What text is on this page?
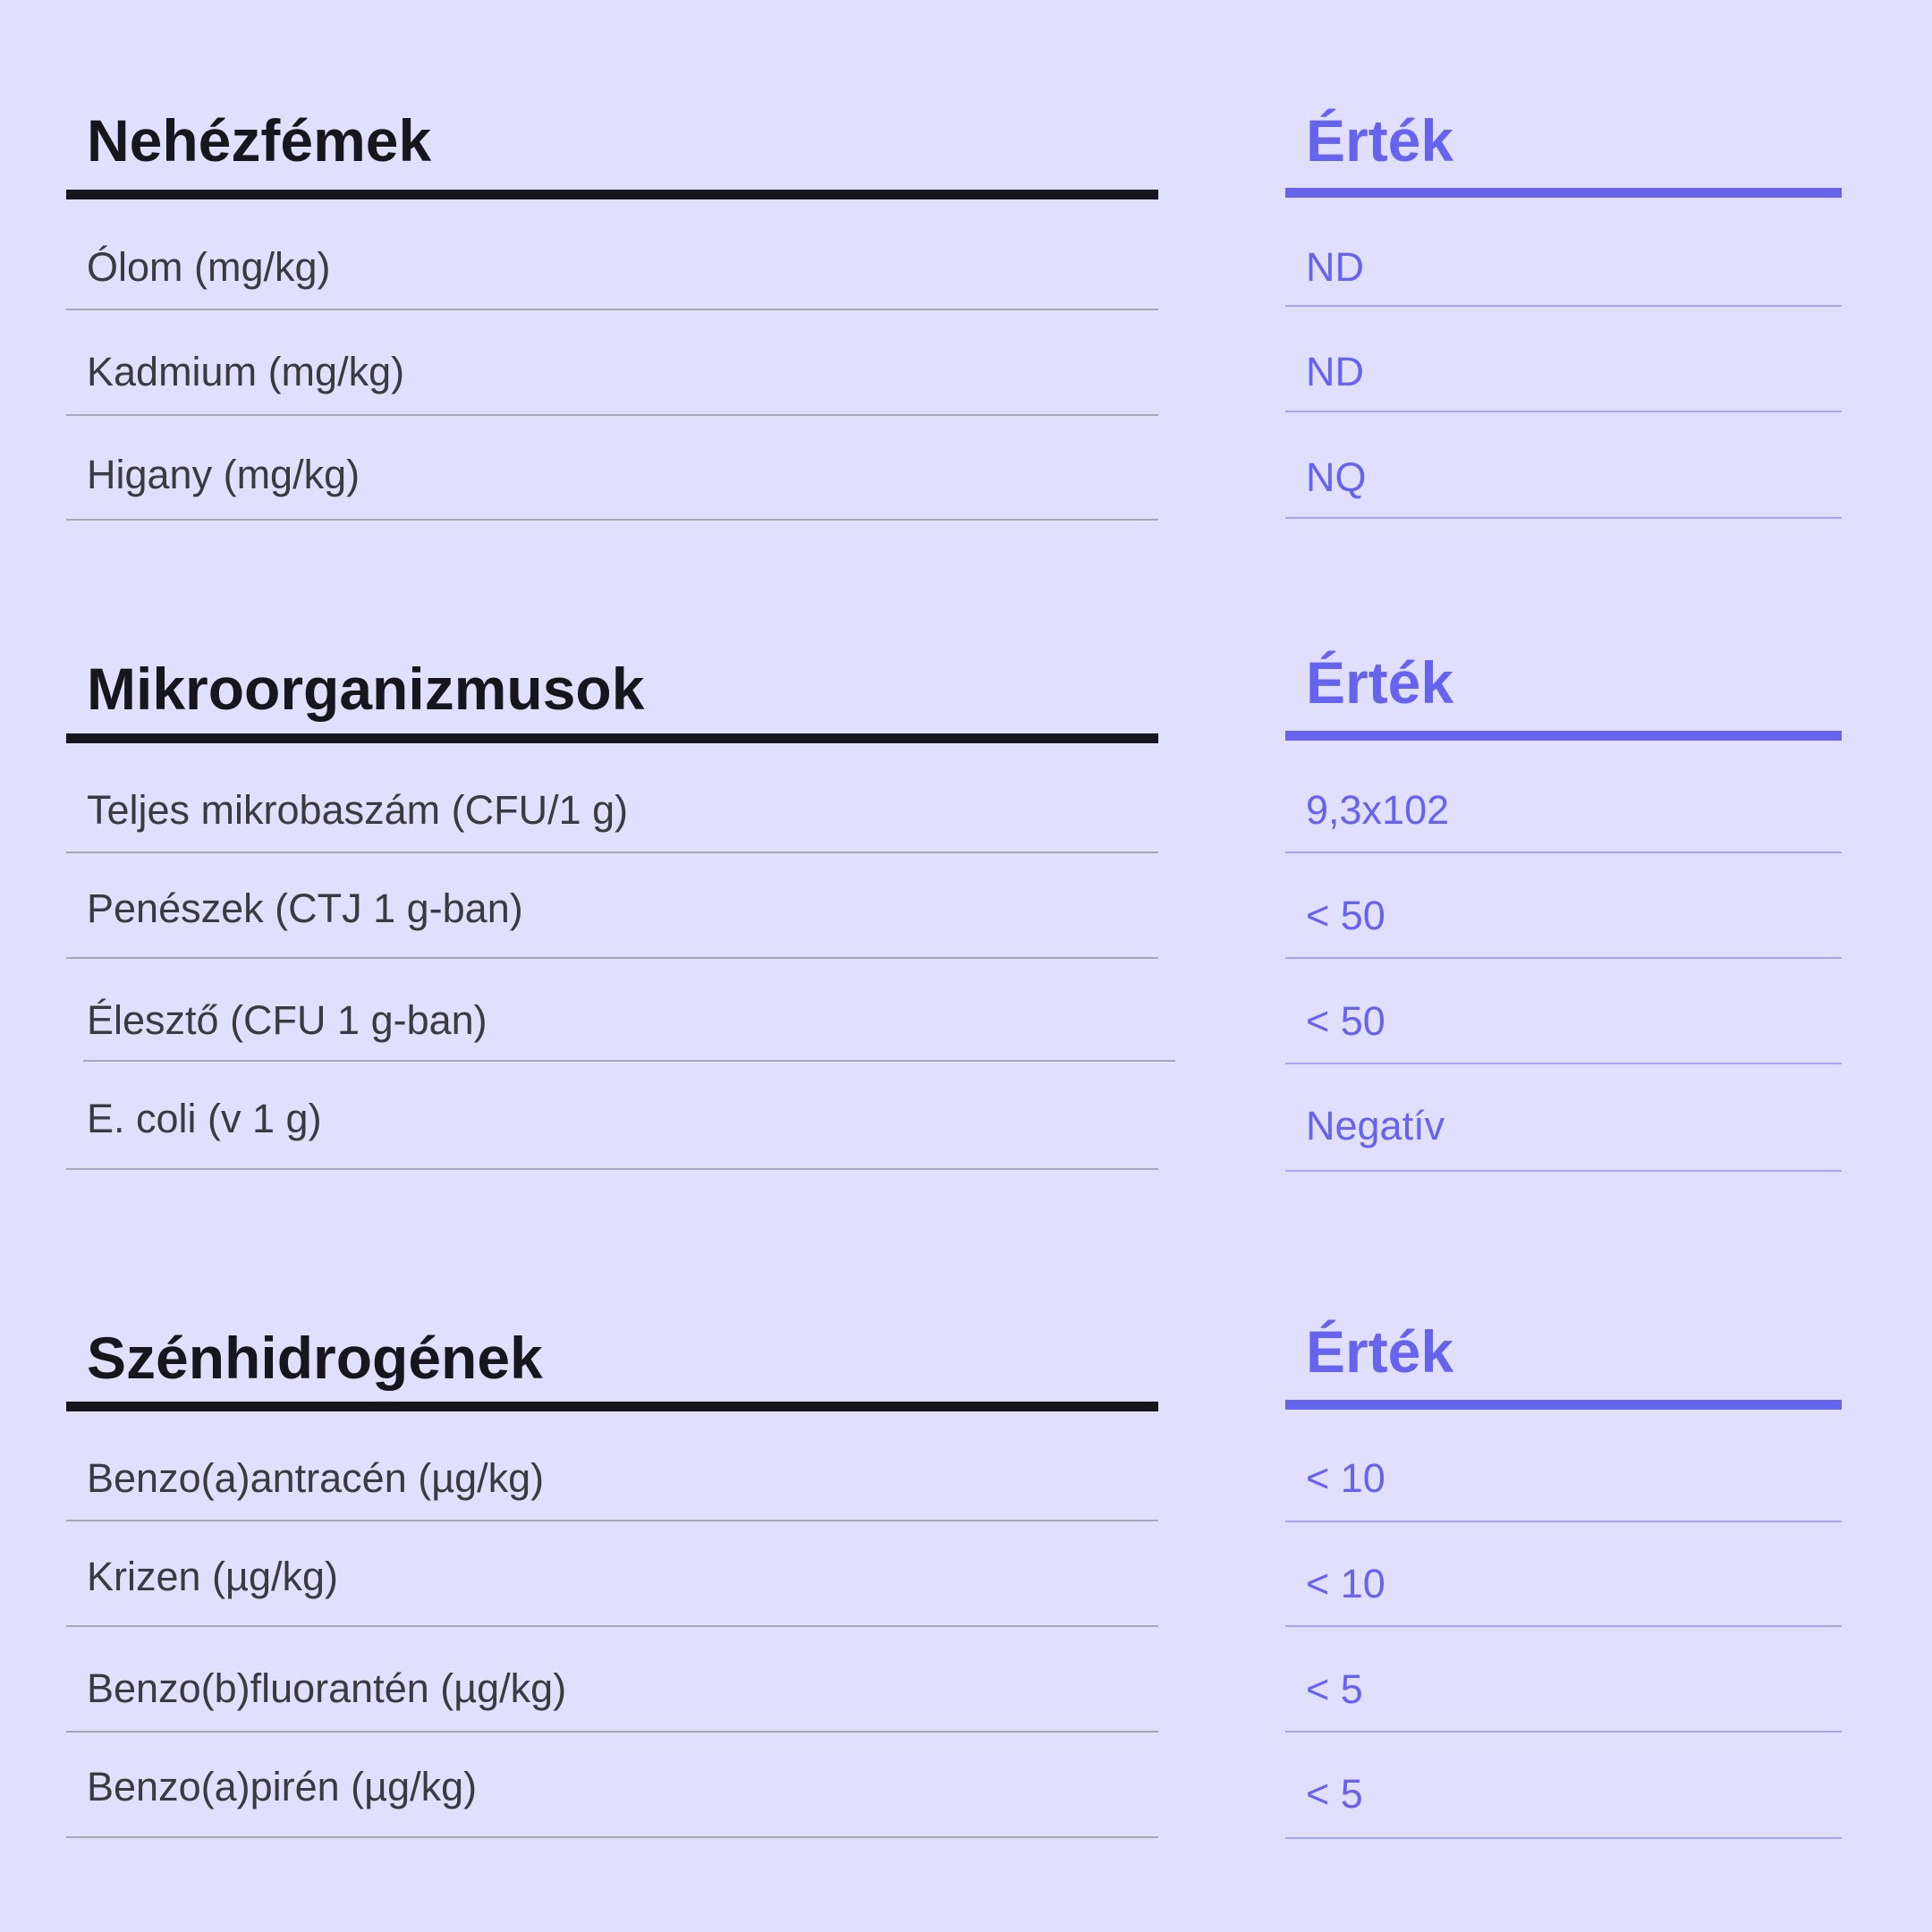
Nehézfémek	Érték
Ólom (mg/kg)	ND
Kadmium (mg/kg)	ND
Higany (mg/kg)	NQ
Mikroorganizmusok	Érték
Teljes mikrobaszám (CFU/1 g)	9,3x102
Penészek (CTJ 1 g-ban)	< 50
Élesztő (CFU 1 g-ban)	< 50
E. coli (v 1 g)	Negatív
Szénhidrogének	Érték
Benzo(a)antracén (µg/kg)	< 10
Krizen (µg/kg)	< 10
Benzo(b)fluorantén (µg/kg)	< 5
Benzo(a)pirén (µg/kg)	< 5
